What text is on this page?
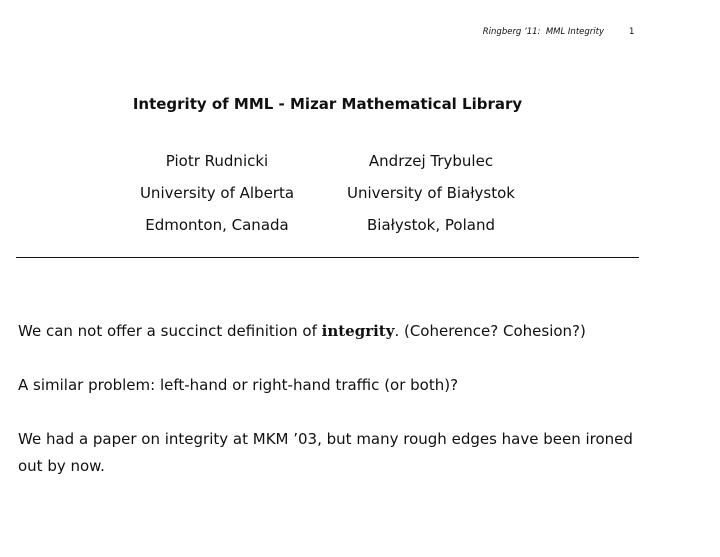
Ringberg ’11:  MML Integrity	1
Integrity of MML - Mizar Mathematical Library
Piotr Rudnicki
University of Alberta
Edmonton, Canada
Andrzej Trybulec
University of Białystok
Białystok, Poland
We can not offer a succinct definition of integrity. (Coherence? Cohesion?)
A similar problem: left-hand or right-hand traffic (or both)?
We had a paper on integrity at MKM ’03, but many rough edges have been ironed out by now.
